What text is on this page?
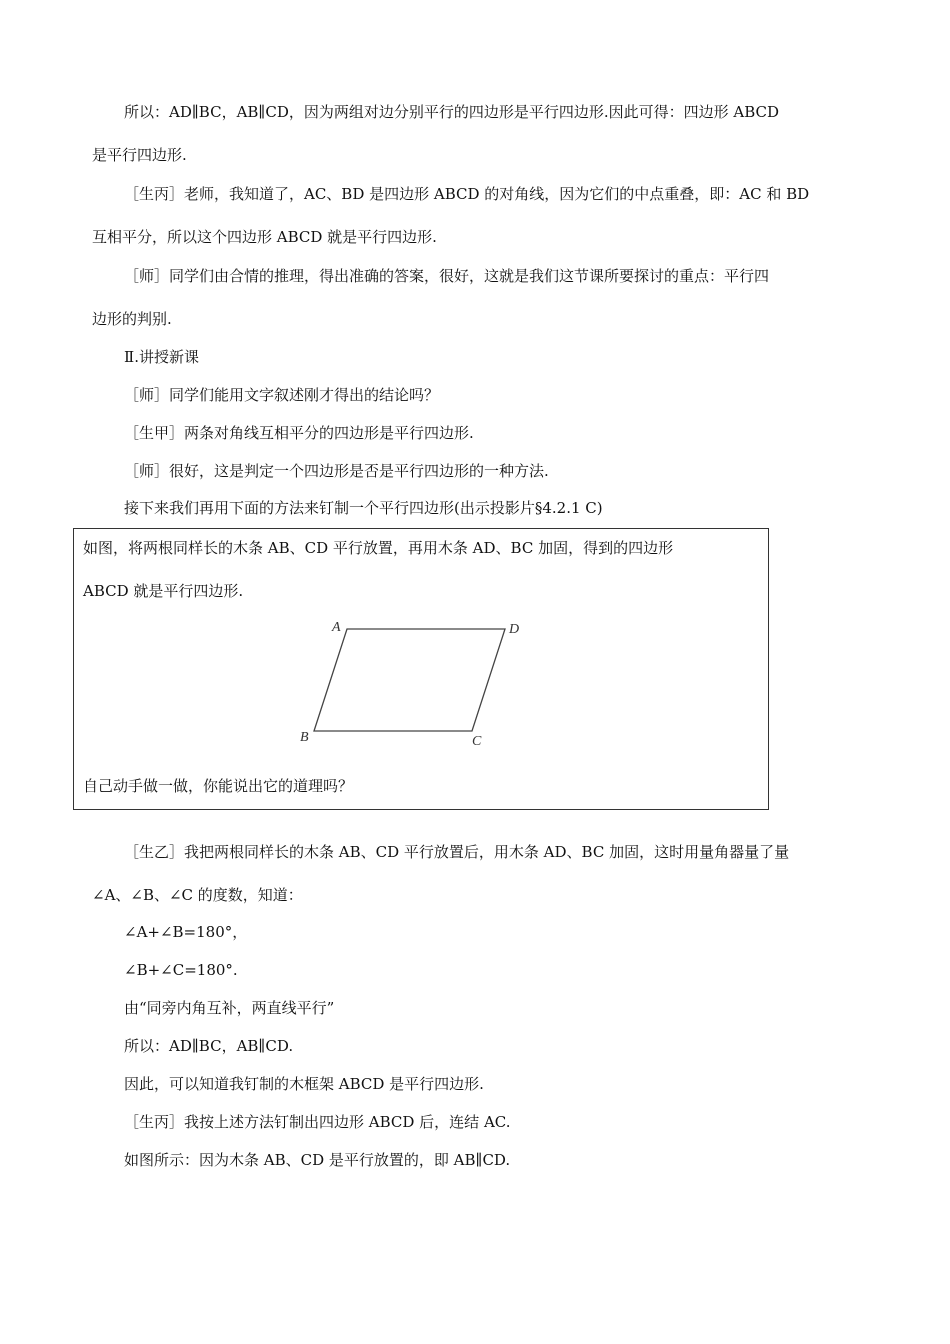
所以：AD∥BC，AB∥CD，因为两组对边分别平行的四边形是平行四边形.因此可得：四边形 ABCD
是平行四边形.
［生丙］老师，我知道了，AC、BD 是四边形 ABCD 的对角线，因为它们的中点重叠，即：AC 和 BD
互相平分，所以这个四边形 ABCD 就是平行四边形.
［师］同学们由合情的推理，得出准确的答案，很好，这就是我们这节课所要探讨的重点：平行四
边形的判别.
Ⅱ.讲授新课
［师］同学们能用文字叙述刚才得出的结论吗？
［生甲］两条对角线互相平分的四边形是平行四边形.
［师］很好，这是判定一个四边形是否是平行四边形的一种方法.
接下来我们再用下面的方法来钉制一个平行四边形(出示投影片§4.2.1 C)
如图，将两根同样长的木条 AB、CD 平行放置，再用木条 AD、BC 加固，得到的四边形
ABCD 就是平行四边形.
A	D
B	C
自己动手做一做，你能说出它的道理吗？
［生乙］我把两根同样长的木条 AB、CD 平行放置后，用木条 AD、BC 加固，这时用量角器量了量
∠A、∠B、∠C 的度数，知道：
∠A+∠B=180°，
∠B+∠C=180°.
由“同旁内角互补，两直线平行”
所以：AD∥BC，AB∥CD.
因此，可以知道我钉制的木框架 ABCD 是平行四边形.
［生丙］我按上述方法钉制出四边形 ABCD 后，连结 AC.
如图所示：因为木条 AB、CD 是平行放置的，即 AB∥CD.
